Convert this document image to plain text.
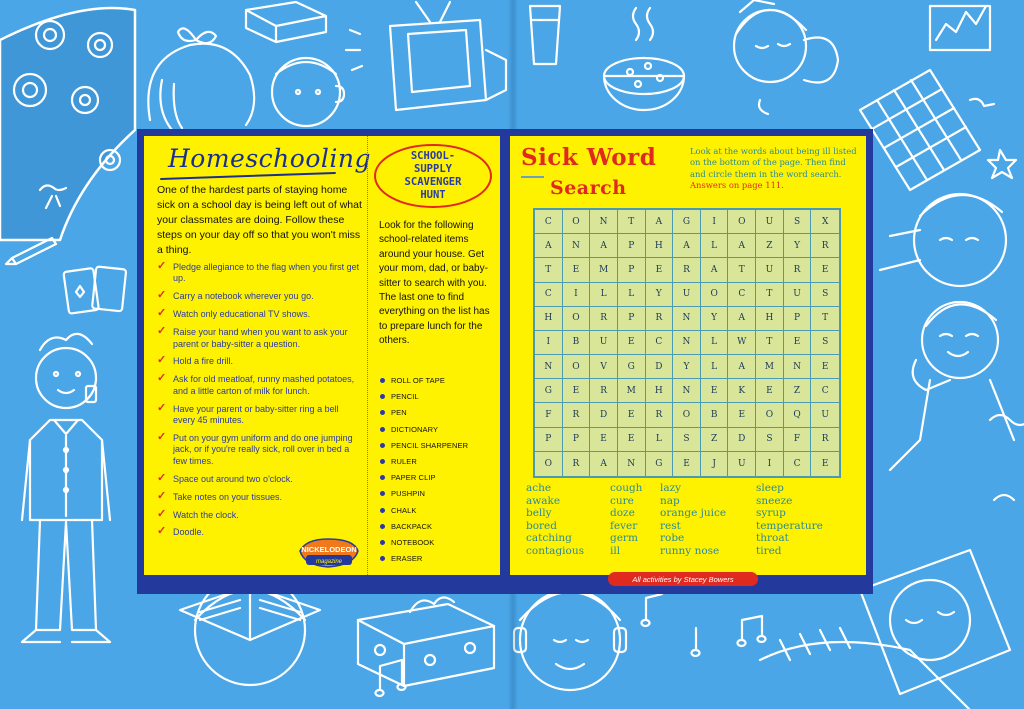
Homeschooling
One of the hardest parts of staying home sick on a school day is being left out of what your classmates are doing. Follow these steps on your day off so that you won't miss a thing.
✓ Pledge allegiance to the flag when you first get up.
✓ Carry a notebook wherever you go.
✓ Watch only educational TV shows.
✓ Raise your hand when you want to ask your parent or baby-sitter a question.
✓ Hold a fire drill.
✓ Ask for old meatloaf, runny mashed potatoes, and a little carton of milk for lunch.
✓ Have your parent or baby-sitter ring a bell every 45 minutes.
✓ Put on your gym uniform and do one jumping jack, or if you're really sick, roll over in bed a few times.
✓ Space out around two o'clock.
✓ Take notes on your tissues.
✓ Watch the clock.
✓ Doodle.
NICKELODEON
magazine
SCHOOL-
SUPPLY
SCAVENGER
HUNT
Look for the following school-related items around your house. Get your mom, dad, or baby-sitter to search with you. The last one to find everything on the list has to prepare lunch for the others.
ROLL OF TAPE
PENCIL
PEN
DICTIONARY
PENCIL SHARPENER
RULER
PAPER CLIP
PUSHPIN
CHALK
BACKPACK
NOTEBOOK
ERASER
Sick Word
Search
Look at the words about being ill listed on the bottom of the page. Then find and circle them in the word search.
Answers on page 111.
C	O	N	T	A	G	I	O	U	S	X
A	N	A	P	H	A	L	A	Z	Y	R
T	E	M	P	E	R	A	T	U	R	E
C	I	L	L	Y	U	O	C	T	U	S
H	O	R	P	R	N	Y	A	H	P	T
I	B	U	E	C	N	L	W	T	E	S
N	O	V	G	D	Y	L	A	M	N	E
G	E	R	M	H	N	E	K	E	Z	C
F	R	D	E	R	O	B	E	O	Q	U
P	P	E	E	L	S	Z	D	S	F	R
O	R	A	N	G	E	J	U	I	C	E
ache
awake
belly
bored
catching
contagious
cough
cure
doze
fever
germ
ill
lazy
nap
orange juice
rest
robe
runny nose
sleep
sneeze
syrup
temperature
throat
tired
All activities by Stacey Bowers
